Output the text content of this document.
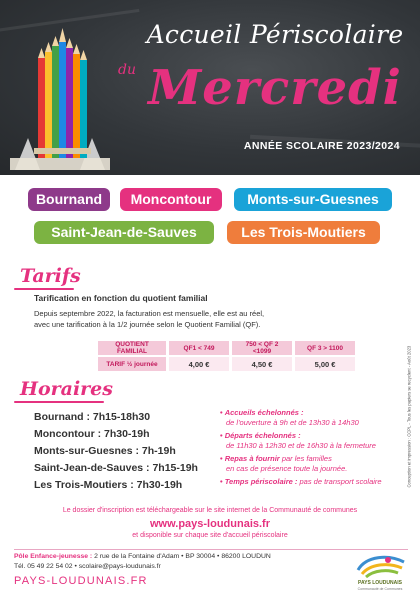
Accueil Périscolaire
du Mercredi
ANNÉE SCOLAIRE 2023/2024
Bournand	Moncontour	Monts-sur-Guesnes
Saint-Jean-de-Sauves	Les Trois-Moutiers
Tarifs
Tarification en fonction du quotient familial
Depuis septembre 2022, la facturation est mensuelle, elle est au réel,
avec une tarification à la 1/2 journée selon le Quotient Familial (QF).
QUOTIENT FAMILIAL	QF1 < 749	750 < QF 2 <1099	QF 3 > 1100
TARIF ½ journée	4,00 €	4,50 €	5,00 €
Horaires
Bournand : 7h15-18h30
Moncontour : 7h30-19h
Monts-sur-Guesnes : 7h-19h
Saint-Jean-de-Sauves : 7h15-19h
Les Trois-Moutiers : 7h30-19h
• Accueils échelonnés :
de l'ouverture à 9h et de 13h30 à 14h30
• Départs échelonnés :
de 11h30 à 12h30 et de 16h30 à la fermeture
• Repas à fournir par les familles
en cas de présence toute la journée.
• Temps périscolaire : pas de transport scolaire	Conception et impression : CCPL - Tous les papiers se recyclent - Août 2023
Le dossier d'inscription est téléchargeable sur le site internet de la Communauté de communes
www.pays-loudunais.fr
et disponible sur chaque site d'accueil périscolaire
Pôle Enfance-jeunesse : 2 rue de la Fontaine d'Adam • BP 30004 • 86200 LOUDUN
Tél. 05 49 22 54 02 • scolaire@pays-loudunais.fr
PAYS-LOUDUNAIS.FR	PAYS LOUDUNAIS
Communauté de Communes
